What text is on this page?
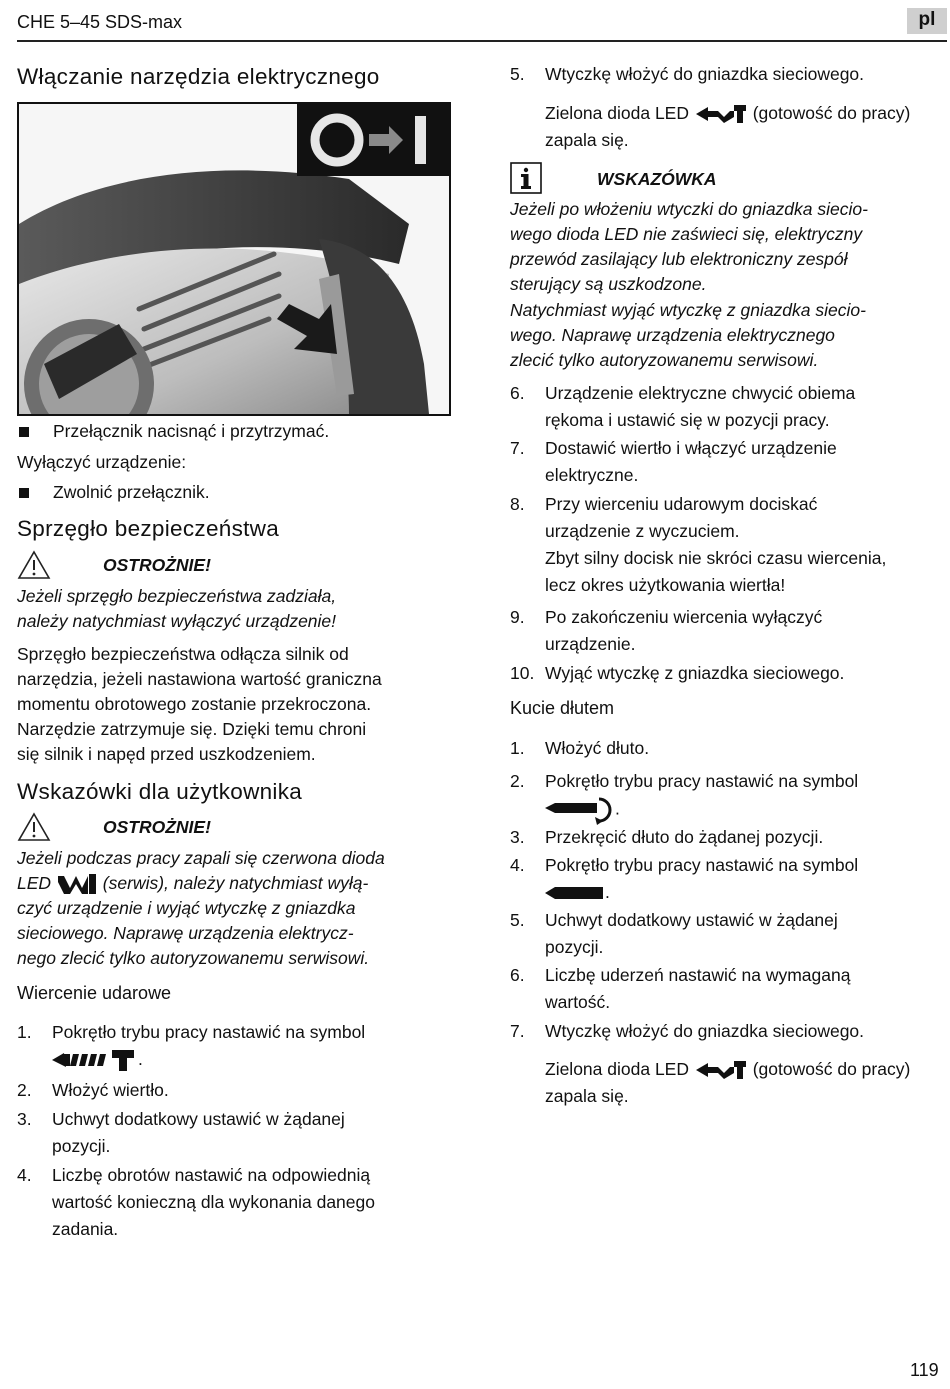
CHE 5–45 SDS-max	pl
Włączanie narzędzia elektrycznego
Przełącznik nacisnąć i przytrzymać.
Wyłączyć urządzenie:
Zwolnić przełącznik.
Sprzęgło bezpieczeństwa
OSTROŻNIE!
Jeżeli sprzęgło bezpieczeństwa zadziała,
należy natychmiast wyłączyć urządzenie!
Sprzęgło bezpieczeństwa odłącza silnik od
narzędzia, jeżeli nastawiona wartość graniczna
momentu obrotowego zostanie przekroczona.
Narzędzie zatrzymuje się. Dzięki temu chroni
się silnik i napęd przed uszkodzeniem.
Wskazówki dla użytkownika
OSTROŻNIE!
Jeżeli podczas pracy zapali się czerwona dioda
LED	(serwis), należy natychmiast wyłą-
czyć urządzenie i wyjąć wtyczkę z gniazdka
sieciowego. Naprawę urządzenia elektrycz-
nego zlecić tylko autoryzowanemu serwisowi.
Wiercenie udarowe
1. Pokrętło trybu pracy nastawić na symbol
.
2. Włożyć wiertło.
3. Uchwyt dodatkowy ustawić w żądanej
pozycji.
4. Liczbę obrotów nastawić na odpowiednią
wartość konieczną dla wykonania danego
zadania.
5. Wtyczkę włożyć do gniazdka sieciowego.
Zielona dioda LED	(gotowość do pracy)
zapala się.
WSKAZÓWKA
Jeżeli po włożeniu wtyczki do gniazdka siecio-
wego dioda LED nie zaświeci się, elektryczny
przewód zasilający lub elektroniczny zespół
sterujący są uszkodzone.
Natychmiast wyjąć wtyczkę z gniazdka siecio-
wego. Naprawę urządzenia elektrycznego
zlecić tylko autoryzowanemu serwisowi.
6. Urządzenie elektryczne chwycić obiema
rękoma i ustawić się w pozycji pracy.
7. Dostawić wiertło i włączyć urządzenie
elektryczne.
8. Przy wierceniu udarowym dociskać
urządzenie z wyczuciem.
Zbyt silny docisk nie skróci czasu wiercenia,
lecz okres użytkowania wiertła!
9. Po zakończeniu wiercenia wyłączyć
urządzenie.
10. Wyjąć wtyczkę z gniazdka sieciowego.
Kucie dłutem
1. Włożyć dłuto.
2. Pokrętło trybu pracy nastawić na symbol
.
3. Przekręcić dłuto do żądanej pozycji.
4. Pokrętło trybu pracy nastawić na symbol
.
5. Uchwyt dodatkowy ustawić w żądanej
pozycji.
6. Liczbę uderzeń nastawić na wymaganą
wartość.
7. Wtyczkę włożyć do gniazdka sieciowego.
Zielona dioda LED	(gotowość do pracy)
zapala się.
119
